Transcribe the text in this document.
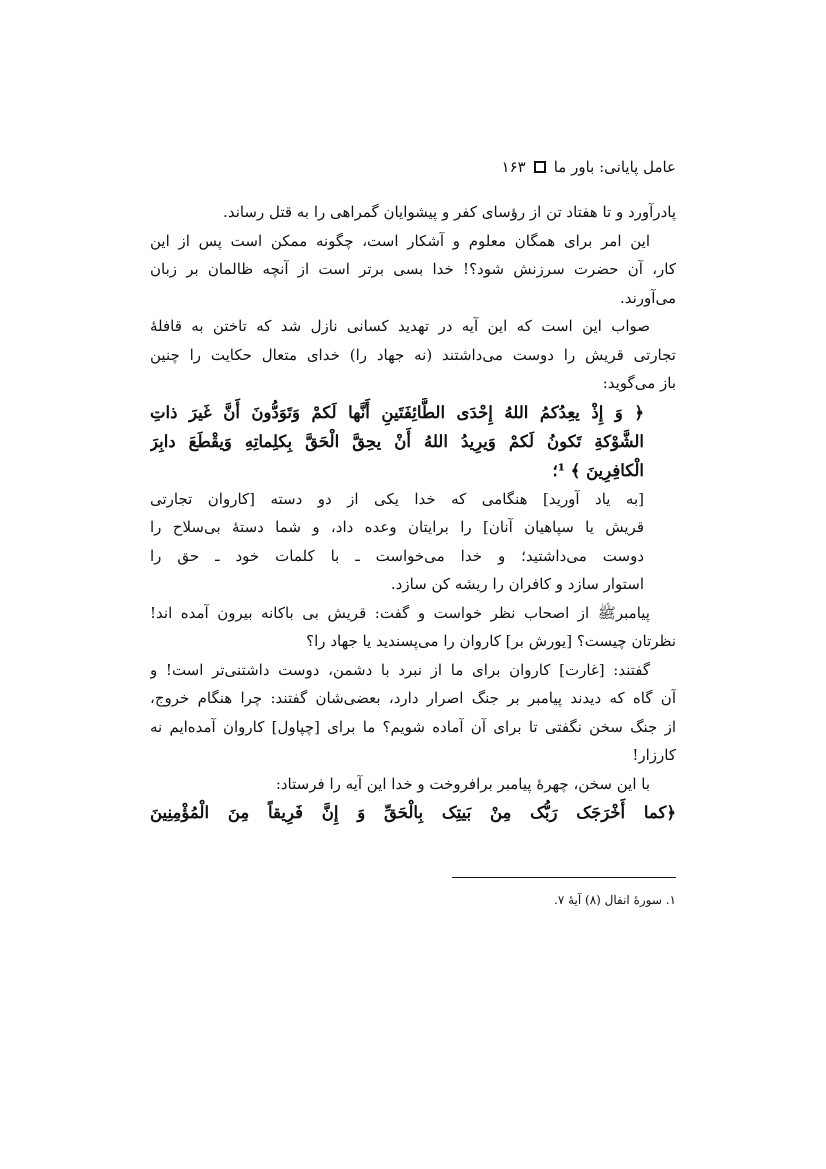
عامل پایانی: باور ما
۱۶۳
پادرآورد و تا هفتاد تن از رؤسای کفر و پیشوایان گمراهی را به قتل رساند.
این امر برای همگان معلوم و آشکار است، چگونه ممکن است پس از این
کار، آن حضرت سرزنش شود؟! خدا بسی برتر است از آنچه ظالمان بر زبان
می‌آورند.
صواب این است که این آیه در تهدید کسانی نازل شد که تاختن به قافلهٔ
تجارتی قریش را دوست می‌داشتند (نه جهاد را) خدای متعال حکایت را چنین
باز می‌گوید:
﴿ وَ إِذْ یعِدُکمُ اللهُ إِحْدَی الطَّائِفَتَینِ أَنَّها لَکمْ وَتَوَدُّونَ أَنَّ غَیرَ ذاتِ
الشَّوْکةِ تَکونُ لَکمْ وَیرِیدُ اللهُ أَنْ یحِقَّ الْحَقَّ بِکلِماتِهِ وَیقْطَعَ دابِرَ
الْکافِرِینَ ﴾ ¹؛
[به یاد آورید] هنگامی که خدا یکی از دو دسته [کاروان تجارتی
قریش یا سپاهیان آنان] را برایتان وعده داد، و شما دستهٔ بی‌سلاح را
دوست می‌داشتید؛ و خدا می‌خواست ـ با کلمات خود ـ حق را
استوار سازد و کافران را ریشه کن سازد.
پیامبرﷺ از اصحاب نظر خواست و گفت: قریش بی باکانه بیرون آمده اند!
نظرتان چیست؟ [یورش بر] کاروان را می‌پسندید یا جهاد را؟
گفتند: [غارت] کاروان برای ما از نبرد با دشمن، دوست داشتنی‌تر است! و
آن گاه که دیدند پیامبر بر جنگ اصرار دارد، بعضی‌شان گفتند: چرا هنگام خروج،
از جنگ سخن نگفتی تا برای آن آماده شویم؟ ما برای [چپاول] کاروان آمده‌ایم نه
کارزار!
با این سخن، چهرهٔ پیامبر برافروخت و خدا این آیه را فرستاد:
﴿کما أَخْرَجَک رَبُّک مِنْ بَیتِک بِالْحَقِّ وَ إِنَّ فَرِیقاً مِنَ الْمُؤْمِنِینَ
۱. سورهٔ انفال (۸) آیهٔ ۷.
